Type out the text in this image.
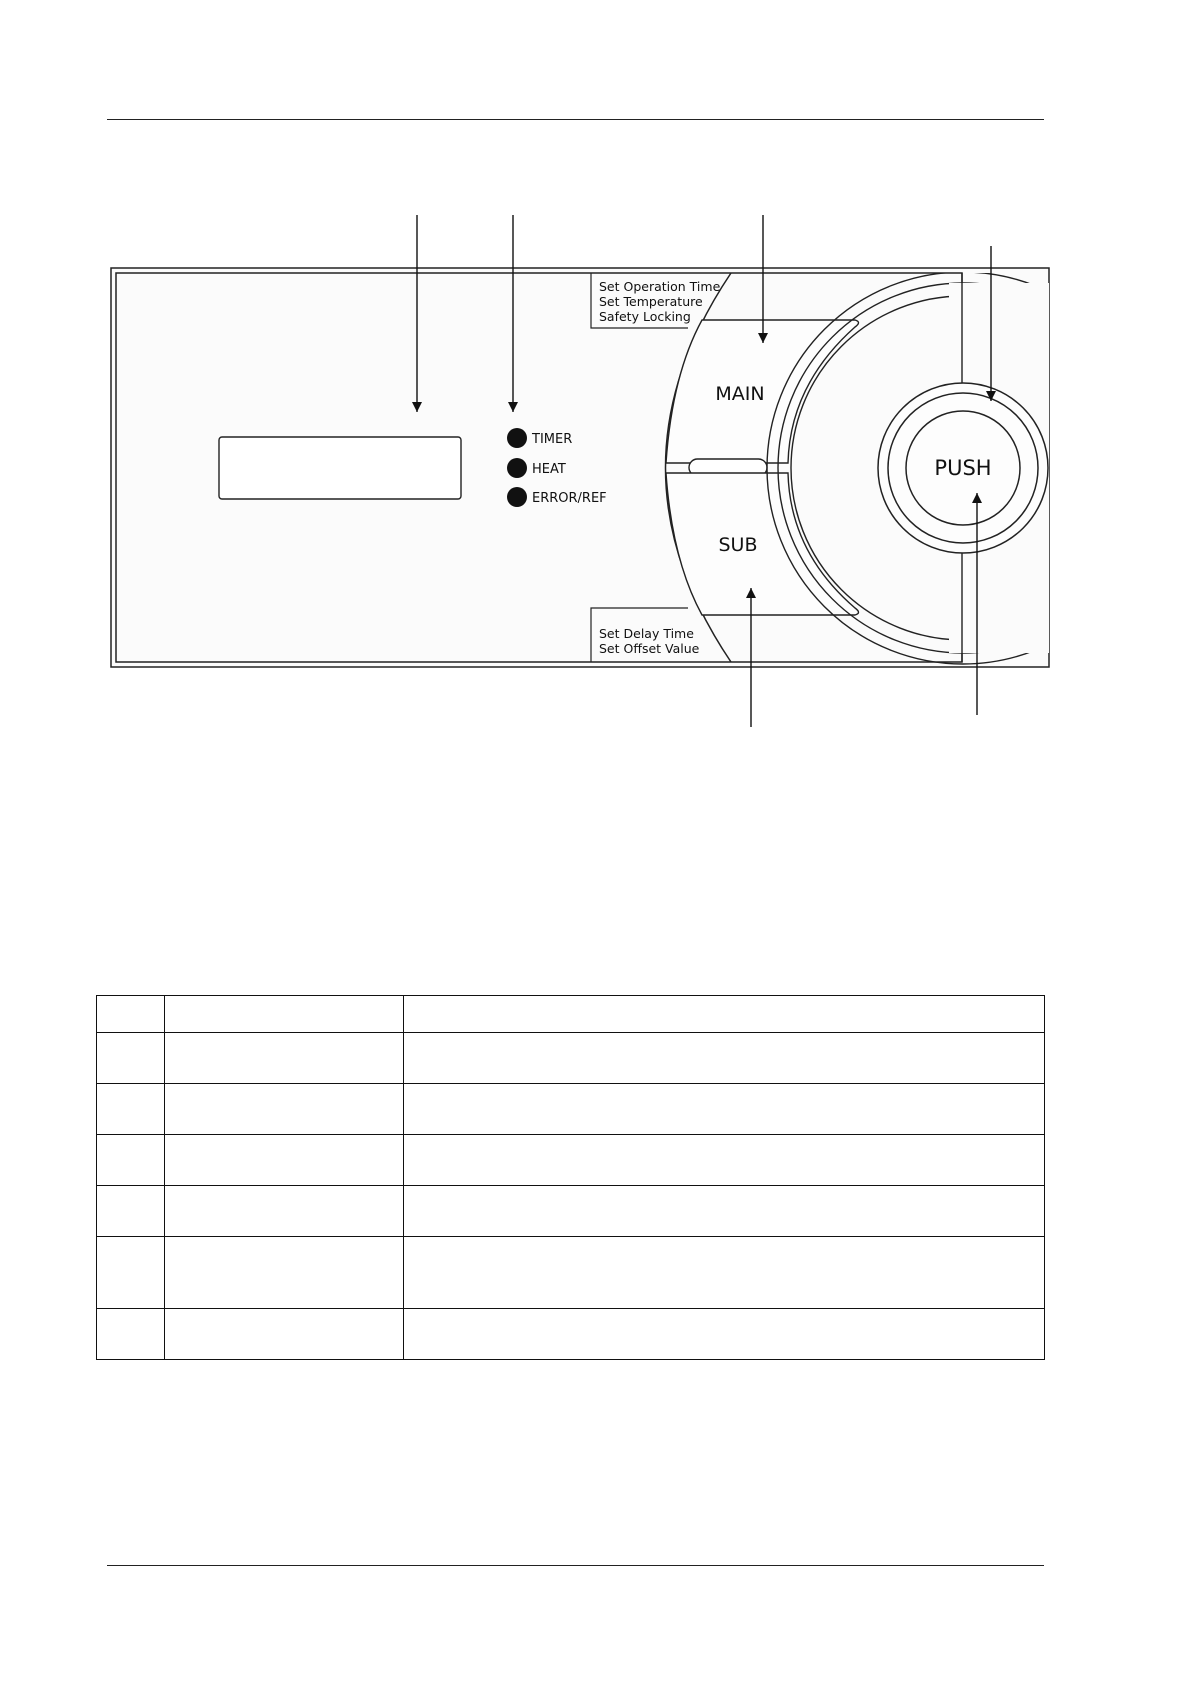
TIMER
HEAT
ERROR/REF
Set Operation Time
Set Temperature
Safety Locking
Set Delay Time
Set Offset Value
MAIN
SUB
PUSH
